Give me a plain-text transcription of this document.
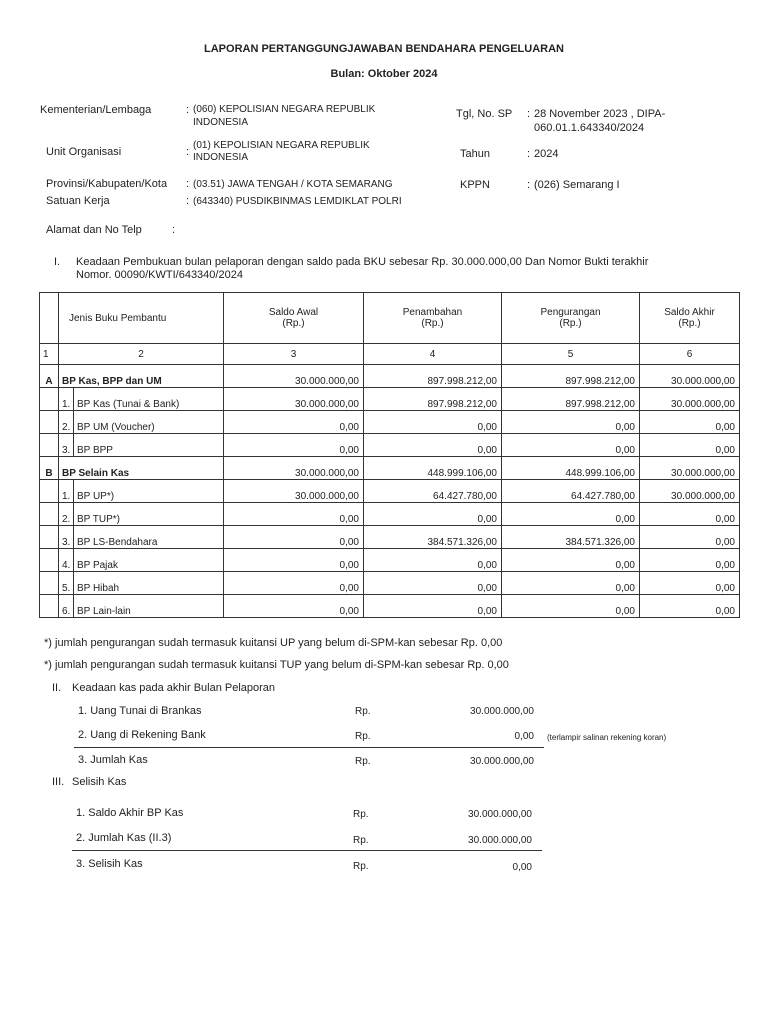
LAPORAN PERTANGGUNGJAWABAN BENDAHARA PENGELUARAN
Bulan: Oktober 2024
Kementerian/Lembaga	: (060) KEPOLISIAN NEGARA REPUBLIK
INDONESIA
Unit Organisasi	:
(01) KEPOLISIAN NEGARA REPUBLIK
INDONESIA
Provinsi/Kabupaten/Kota : (03.51) JAWA TENGAH / KOTA SEMARANG
Satuan Kerja	: (643340) PUSDIKBINMAS LEMDIKLAT POLRI
Alamat dan No Telp	:
Tgl, No. SP : 28 November 2023 , DIPA-
060.01.1.643340/2024
Tahun	: 2024
KPPN	: (026) Semarang I
I. Keadaan Pembukuan bulan pelaporan dengan saldo pada BKU sebesar Rp. 30.000.000,00 Dan Nomor Bukti terakhir
Nomor. 00090/KWTI/643340/2024
	Jenis Buku Pembantu		Saldo Awal
(Rp.)	Penambahan
(Rp.)	Pengurangan
(Rp.)	Saldo Akhir
(Rp.)
1	2		3	4	5	6
A	BP Kas, BPP dan UM		30.000.000,00	897.998.212,00	897.998.212,00	30.000.000,00
	1.	BP Kas (Tunai & Bank)	30.000.000,00	897.998.212,00	897.998.212,00	30.000.000,00
	2.	BP UM (Voucher)	0,00	0,00	0,00	0,00
	3.	BP BPP	0,00	0,00	0,00	0,00
B	BP Selain Kas		30.000.000,00	448.999.106,00	448.999.106,00	30.000.000,00
	1.	BP UP*)	30.000.000,00	64.427.780,00	64.427.780,00	30.000.000,00
	2.	BP TUP*)	0,00	0,00	0,00	0,00
	3.	BP LS-Bendahara	0,00	384.571.326,00	384.571.326,00	0,00
	4.	BP Pajak	0,00	0,00	0,00	0,00
	5.	BP Hibah	0,00	0,00	0,00	0,00
	6.	BP Lain-lain	0,00	0,00	0,00	0,00
*) jumlah pengurangan sudah termasuk kuitansi UP yang belum di-SPM-kan sebesar Rp. 0,00
*) jumlah pengurangan sudah termasuk kuitansi TUP yang belum di-SPM-kan sebesar Rp. 0,00
II. Keadaan kas pada akhir Bulan Pelaporan
1. Uang Tunai di Brankas	Rp.	30.000.000,00
2. Uang di Rekening Bank	Rp.	0,00 (terlampir salinan rekening koran)
3. Jumlah Kas	Rp.	30.000.000,00
III. Selisih Kas
1. Saldo Akhir BP Kas	Rp.	30.000.000,00
2. Jumlah Kas (II.3)	Rp.	30.000.000,00
3. Selisih Kas	Rp.	0,00
